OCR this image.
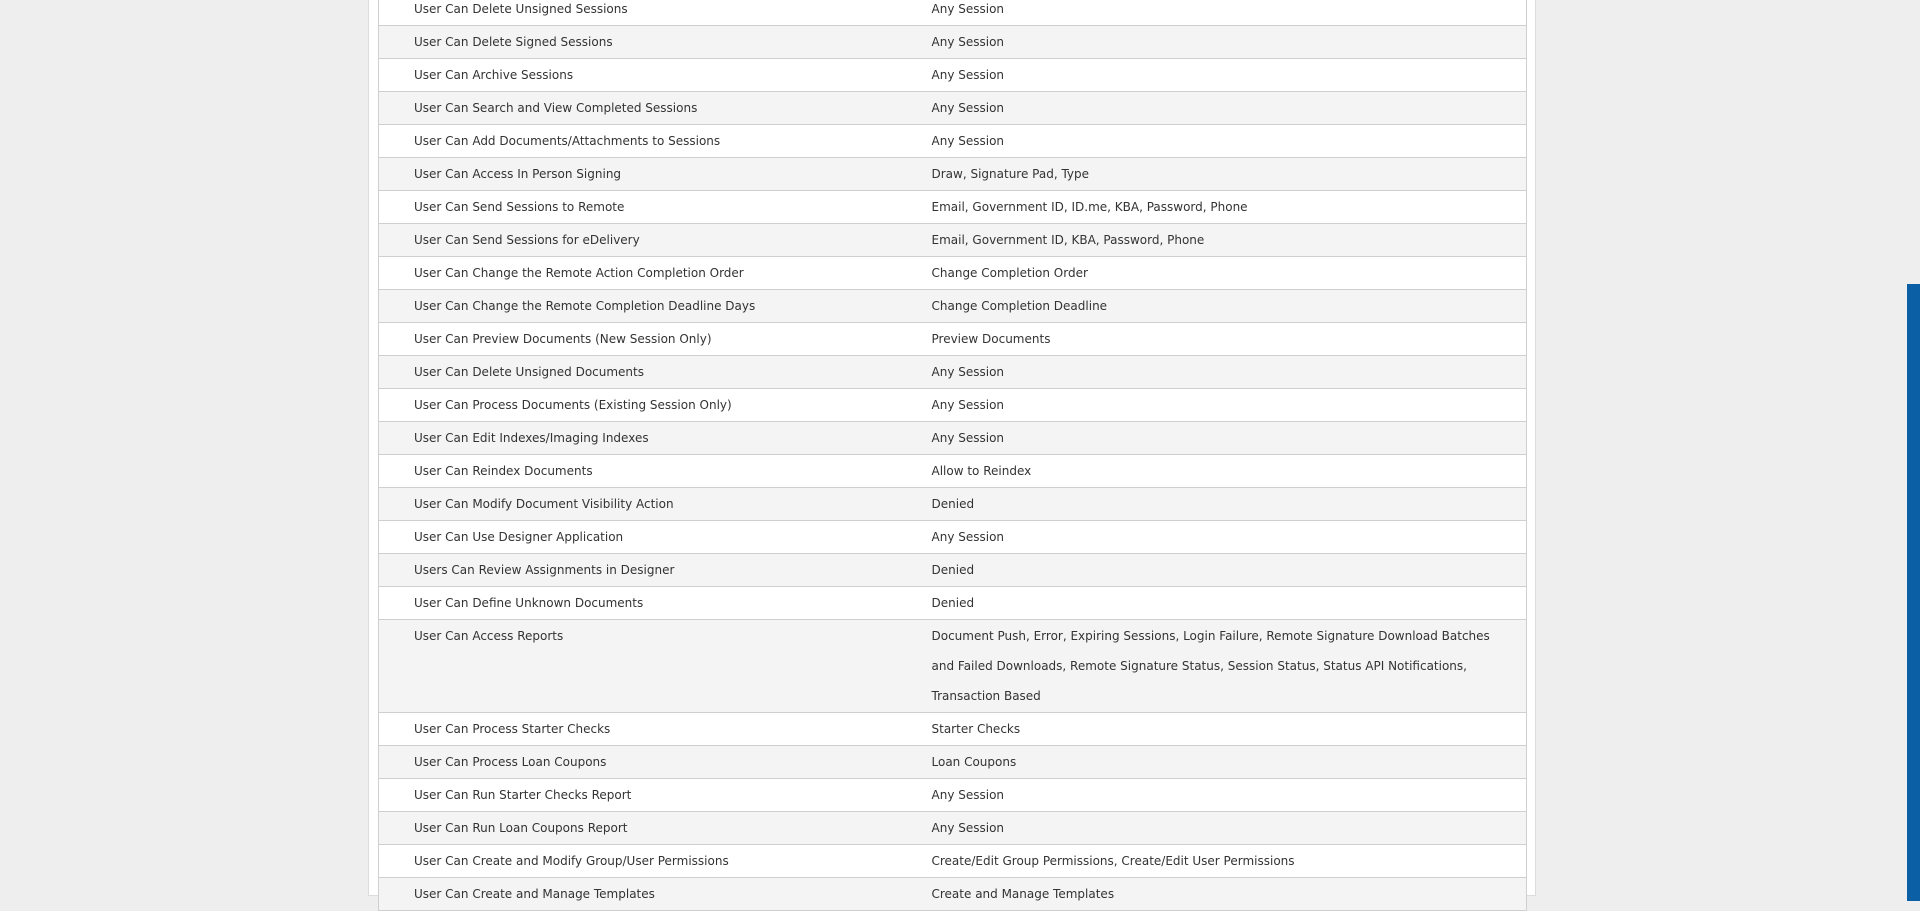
User Can Delete Unsigned Sessions	Any Session
User Can Delete Signed Sessions	Any Session
User Can Archive Sessions	Any Session
User Can Search and View Completed Sessions	Any Session
User Can Add Documents/Attachments to Sessions	Any Session
User Can Access In Person Signing	Draw, Signature Pad, Type
User Can Send Sessions to Remote	Email, Government ID, ID.me, KBA, Password, Phone
User Can Send Sessions for eDelivery	Email, Government ID, KBA, Password, Phone
User Can Change the Remote Action Completion Order	Change Completion Order
User Can Change the Remote Completion Deadline Days	Change Completion Deadline
User Can Preview Documents (New Session Only)	Preview Documents
User Can Delete Unsigned Documents	Any Session
User Can Process Documents (Existing Session Only)	Any Session
User Can Edit Indexes/Imaging Indexes	Any Session
User Can Reindex Documents	Allow to Reindex
User Can Modify Document Visibility Action	Denied
User Can Use Designer Application	Any Session
Users Can Review Assignments in Designer	Denied
User Can Define Unknown Documents	Denied
User Can Access Reports	Document Push, Error, Expiring Sessions, Login Failure, Remote Signature Download Batches and Failed Downloads, Remote Signature Status, Session Status, Status API Notifications, Transaction Based
User Can Process Starter Checks	Starter Checks
User Can Process Loan Coupons	Loan Coupons
User Can Run Starter Checks Report	Any Session
User Can Run Loan Coupons Report	Any Session
User Can Create and Modify Group/User Permissions	Create/Edit Group Permissions, Create/Edit User Permissions
User Can Create and Manage Templates	Create and Manage Templates
